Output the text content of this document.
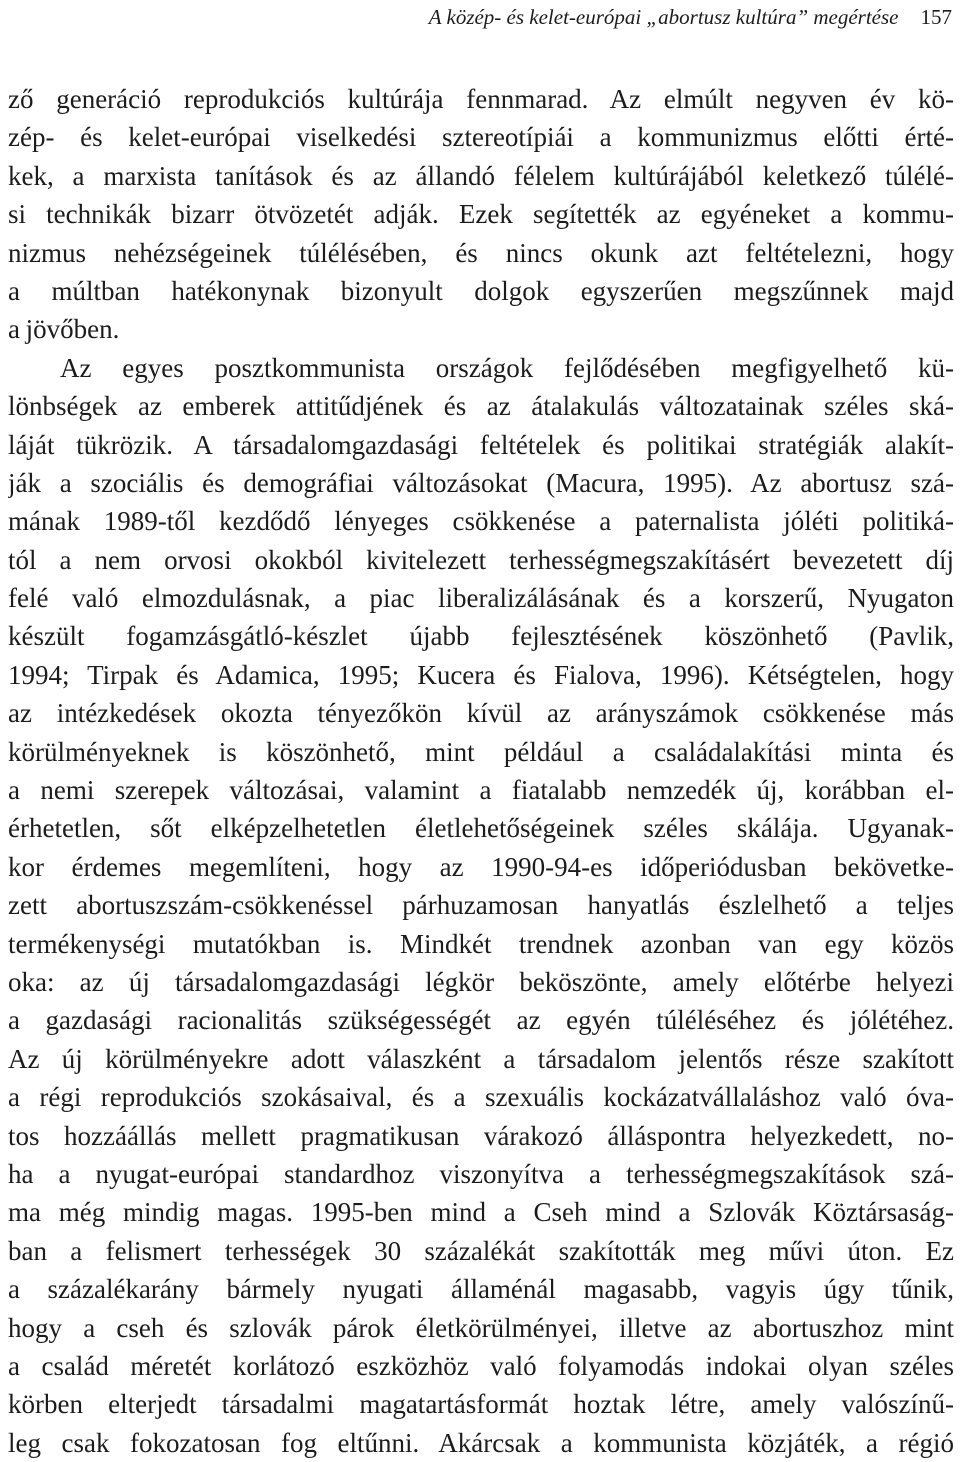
A közép- és kelet-európai „abortusz kultúra” megértése 157
ző generáció reprodukciós kultúrája fennmarad. Az elmúlt negyven év kö-
zép- és kelet-európai viselkedési sztereotípiái a kommunizmus előtti érté-
kek, a marxista tanítások és az állandó félelem kultúrájából keletkező túlélé-
si technikák bizarr ötvözetét adják. Ezek segítették az egyéneket a kommu-
nizmus nehézségeinek túlélésében, és nincs okunk azt feltételezni, hogy
a múltban hatékonynak bizonyult dolgok egyszerűen megszűnnek majd
a jövőben.
Az egyes posztkommunista országok fejlődésében megfigyelhető kü-
lönbségek az emberek attitűdjének és az átalakulás változatainak széles ská-
láját tükrözik. A társadalomgazdasági feltételek és politikai stratégiák alakít-
ják a szociális és demográfiai változásokat (Macura, 1995). Az abortusz szá-
mának 1989-től kezdődő lényeges csökkenése a paternalista jóléti politiká-
tól a nem orvosi okokból kivitelezett terhességmegszakításért bevezetett díj
felé való elmozdulásnak, a piac liberalizálásának és a korszerű, Nyugaton
készült fogamzásgátló-készlet újabb fejlesztésének köszönhető (Pavlik,
1994; Tirpak és Adamica, 1995; Kucera és Fialova, 1996). Kétségtelen, hogy
az intézkedések okozta tényezőkön kívül az arányszámok csökkenése más
körülményeknek is köszönhető, mint például a családalakítási minta és
a nemi szerepek változásai, valamint a fiatalabb nemzedék új, korábban el-
érhetetlen, sőt elképzelhetetlen életlehetőségeinek széles skálája. Ugyanak-
kor érdemes megemlíteni, hogy az 1990-94-es időperiódusban bekövetke-
zett abortuszszám-csökkenéssel párhuzamosan hanyatlás észlelhető a teljes
termékenységi mutatókban is. Mindkét trendnek azonban van egy közös
oka: az új társadalomgazdasági légkör beköszönte, amely előtérbe helyezi
a gazdasági racionalitás szükségességét az egyén túléléséhez és jólétéhez.
Az új körülményekre adott válaszként a társadalom jelentős része szakított
a régi reprodukciós szokásaival, és a szexuális kockázatvállaláshoz való óva-
tos hozzáállás mellett pragmatikusan várakozó álláspontra helyezkedett, no-
ha a nyugat-európai standardhoz viszonyítva a terhességmegszakítások szá-
ma még mindig magas. 1995-ben mind a Cseh mind a Szlovák Köztársaság-
ban a felismert terhességek 30 százalékát szakították meg művi úton. Ez
a százalékarány bármely nyugati államénál magasabb, vagyis úgy tűnik,
hogy a cseh és szlovák párok életkörülményei, illetve az abortuszhoz mint
a család méretét korlátozó eszközhöz való folyamodás indokai olyan széles
körben elterjedt társadalmi magatartásformát hoztak létre, amely valószínű-
leg csak fokozatosan fog eltűnni. Akárcsak a kommunista közjáték, a régió
